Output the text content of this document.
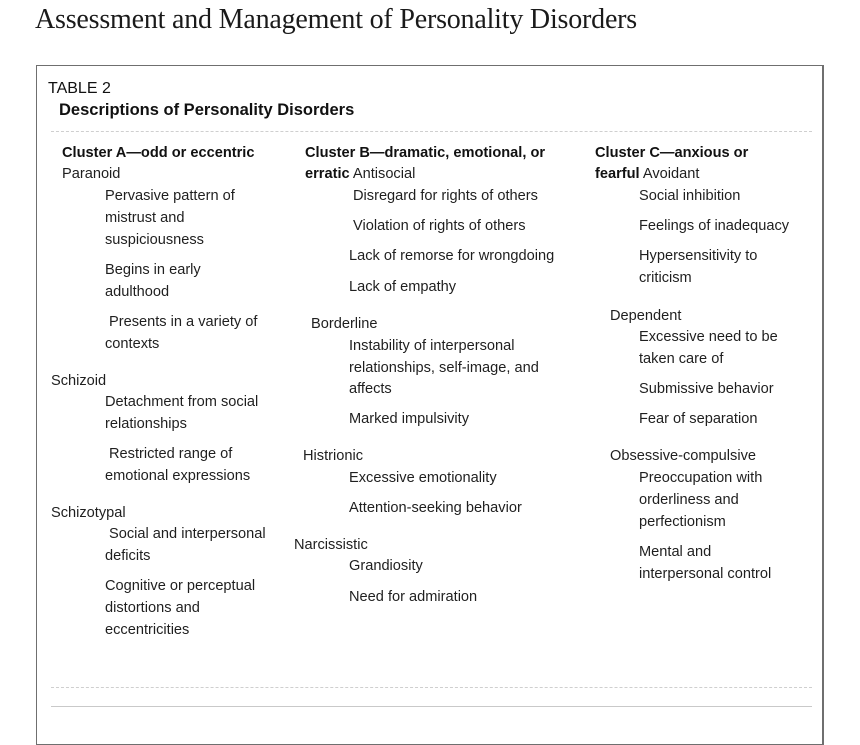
Assessment and Management of Personality Disorders
TABLE 2
Descriptions of Personality Disorders
Cluster A—odd or eccentric
Paranoid
Pervasive pattern of
mistrust and
suspiciousness
Begins in early
adulthood
Presents in a variety of
contexts
Schizoid
Detachment from social
relationships
Restricted range of
emotional expressions
Schizotypal
Social and interpersonal
deficits
Cognitive or perceptual
distortions and
eccentricities
Cluster B—dramatic, emotional, or
erratic Antisocial
Disregard for rights of others
Violation of rights of others
Lack of remorse for wrongdoing
Lack of empathy
Borderline
Instability of interpersonal
relationships, self-image, and
affects
Marked impulsivity
Histrionic
Excessive emotionality
Attention-seeking behavior
Narcissistic
Grandiosity
Need for admiration
Cluster C—anxious or
fearful Avoidant
Social inhibition
Feelings of inadequacy
Hypersensitivity to
criticism
Dependent
Excessive need to be
taken care of
Submissive behavior
Fear of separation
Obsessive-compulsive
Preoccupation with
orderliness and
perfectionism
Mental and
interpersonal control
